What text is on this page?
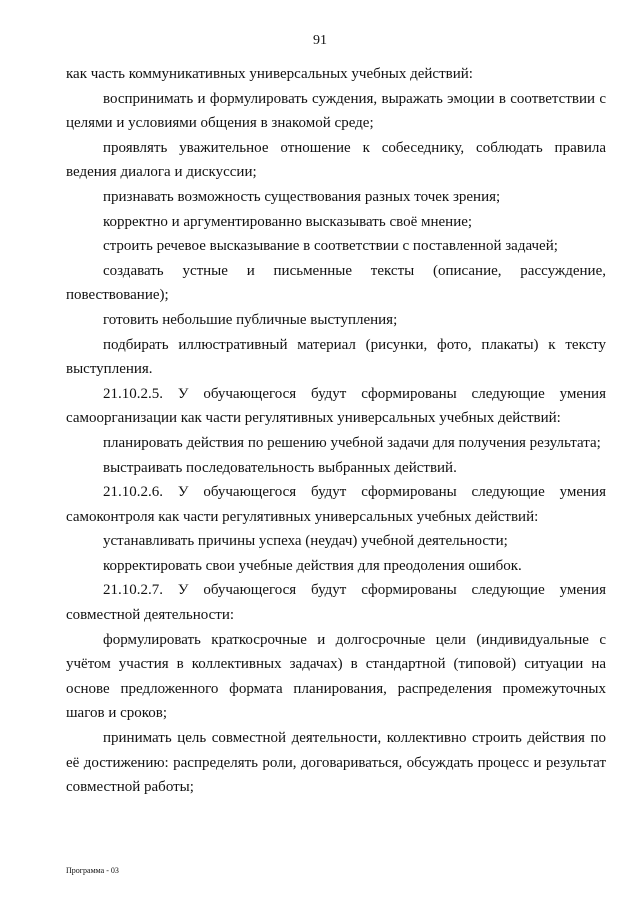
91

как часть коммуникативных универсальных учебных действий:

воспринимать и формулировать суждения, выражать эмоции в соответствии с целями и условиями общения в знакомой среде;

проявлять уважительное отношение к собеседнику, соблюдать правила ведения диалога и дискуссии;

признавать возможность существования разных точек зрения;

корректно и аргументированно высказывать своё мнение;

строить речевое высказывание в соответствии с поставленной задачей;

создавать устные и письменные тексты (описание, рассуждение, повествование);

готовить небольшие публичные выступления;

подбирать иллюстративный материал (рисунки, фото, плакаты) к тексту выступления.

21.10.2.5. У обучающегося будут сформированы следующие умения самоорганизации как части регулятивных универсальных учебных действий:

планировать действия по решению учебной задачи для получения результата;

выстраивать последовательность выбранных действий.

21.10.2.6. У обучающегося будут сформированы следующие умения самоконтроля как части регулятивных универсальных учебных действий:

устанавливать причины успеха (неудач) учебной деятельности;

корректировать свои учебные действия для преодоления ошибок.

21.10.2.7. У обучающегося будут сформированы следующие умения совместной деятельности:

формулировать краткосрочные и долгосрочные цели (индивидуальные с учётом участия в коллективных задачах) в стандартной (типовой) ситуации на основе предложенного формата планирования, распределения промежуточных шагов и сроков;

принимать цель совместной деятельности, коллективно строить действия по её достижению: распределять роли, договариваться, обсуждать процесс и результат совместной работы;

Программа - 03
